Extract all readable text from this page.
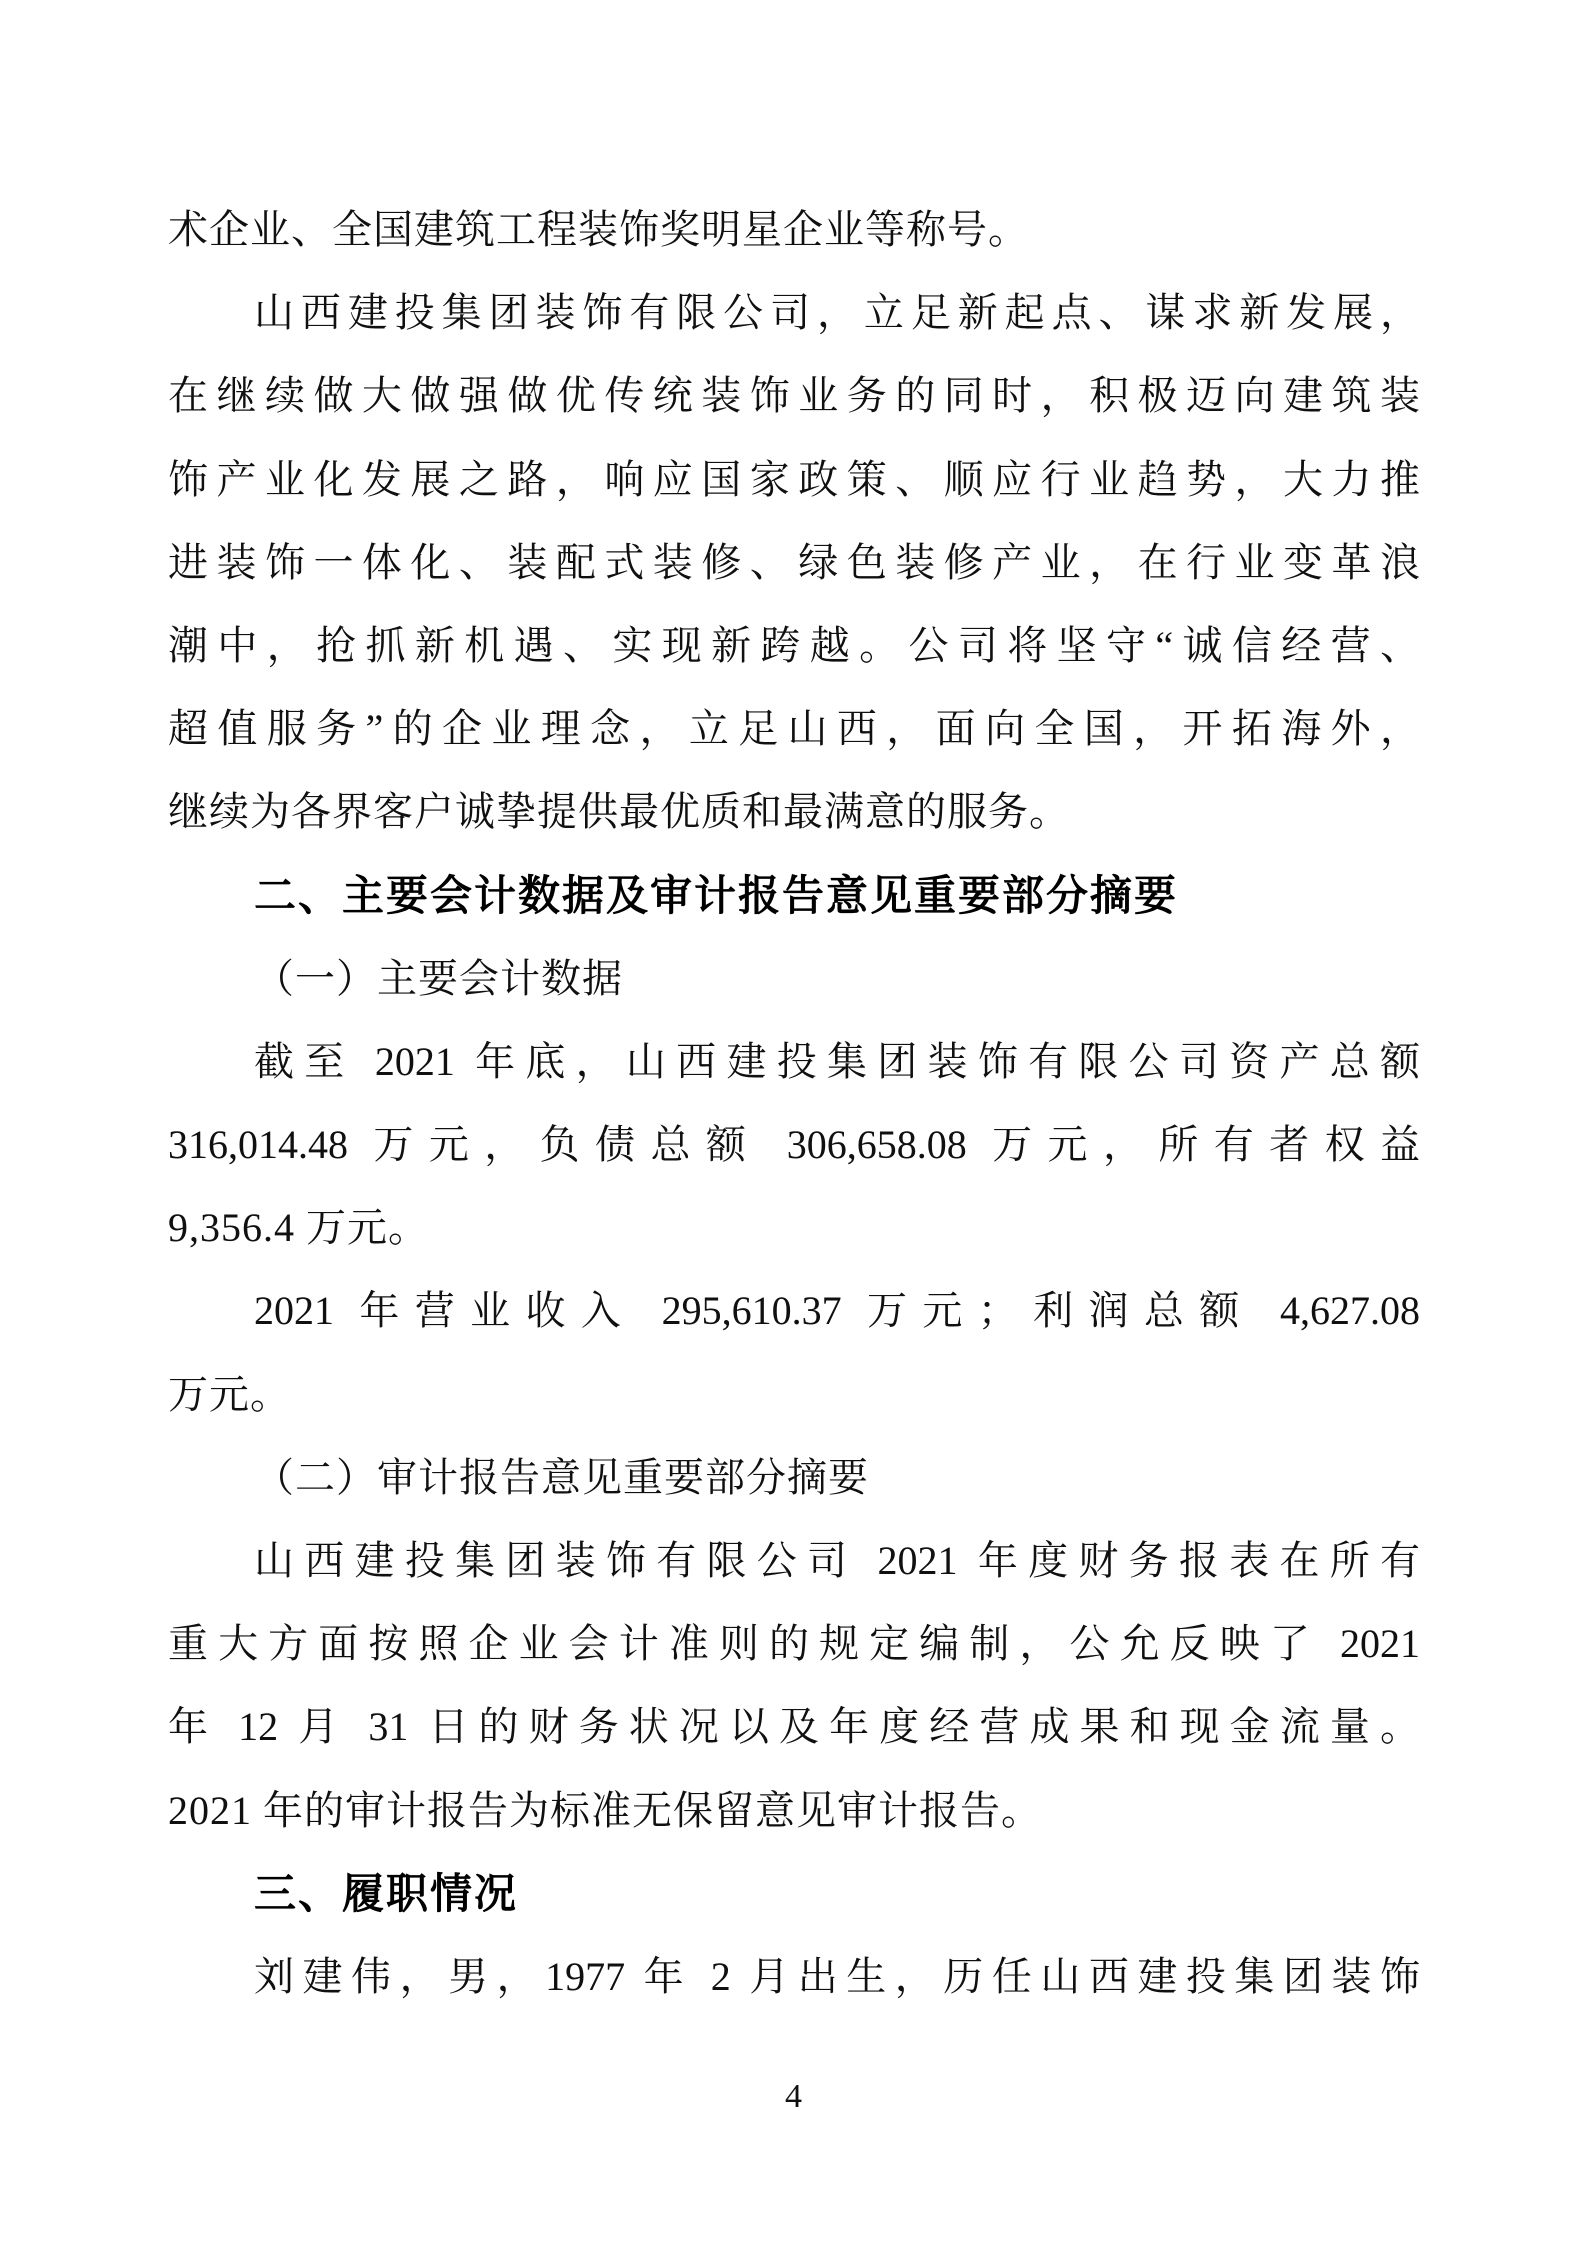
术企业、全国建筑工程装饰奖明星企业等称号。
山西建投集团装饰有限公司，立足新起点、谋求新发展，
在继续做大做强做优传统装饰业务的同时，积极迈向建筑装
饰产业化发展之路，响应国家政策、顺应行业趋势，大力推
进装饰一体化、装配式装修、绿色装修产业，在行业变革浪
潮中，抢抓新机遇、实现新跨越。公司将坚守“诚信经营、
超值服务”的企业理念，立足山西，面向全国，开拓海外，
继续为各界客户诚挚提供最优质和最满意的服务。
二、主要会计数据及审计报告意见重要部分摘要
（一）主要会计数据
截至 2021 年底，山西建投集团装饰有限公司资产总额
316,014.48 万元，负债总额 306,658.08 万元，所有者权益
9,356.4 万元。
2021 年营业收入 295,610.37 万元；利润总额 4,627.08
万元。
（二）审计报告意见重要部分摘要
山西建投集团装饰有限公司 2021 年度财务报表在所有
重大方面按照企业会计准则的规定编制，公允反映了 2021
年 12 月 31 日的财务状况以及年度经营成果和现金流量。
2021 年的审计报告为标准无保留意见审计报告。
三、履职情况
刘建伟，男，1977 年 2 月出生，历任山西建投集团装饰
4
